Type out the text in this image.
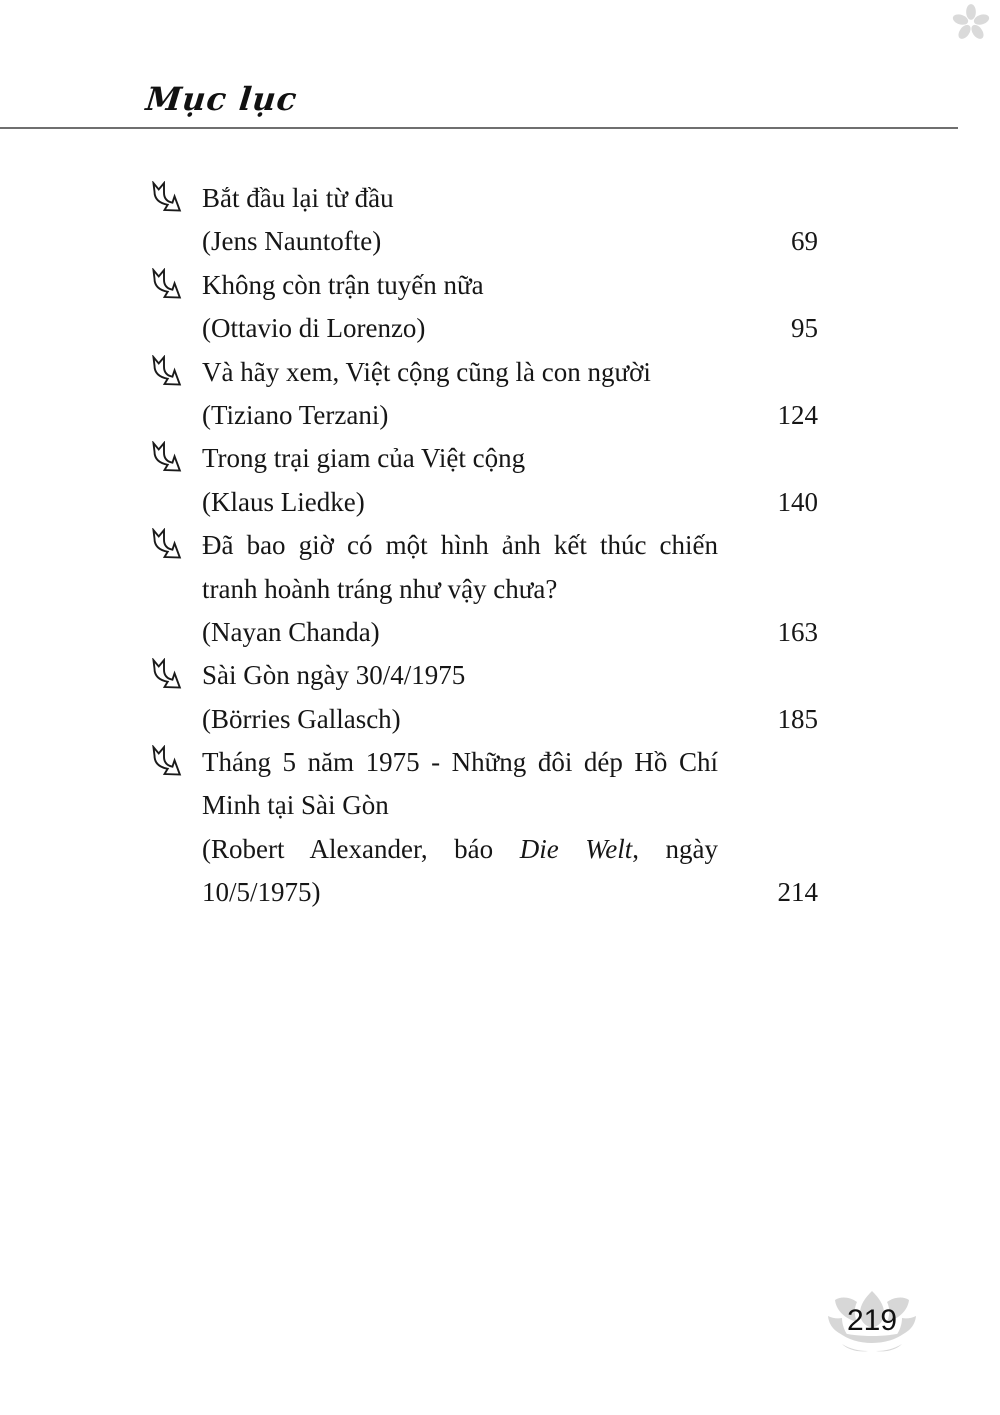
Mục lục
Bắt đầu lại từ đầu
(Jens Nauntofte)	69
Không còn trận tuyến nữa
(Ottavio di Lorenzo)	95
Và hãy xem, Việt cộng cũng là con người
(Tiziano Terzani)	124
Trong trại giam của Việt cộng
(Klaus Liedke)	140
Đã bao giờ có một hình ảnh kết thúc chiến
tranh hoành tráng như vậy chưa?
(Nayan Chanda)	163
Sài Gòn ngày 30/4/1975
(Börries Gallasch)	185
Tháng 5 năm 1975 - Những đôi dép Hồ Chí
Minh tại Sài Gòn
(Robert Alexander, báo Die Welt, ngày
10/5/1975)	214
219
